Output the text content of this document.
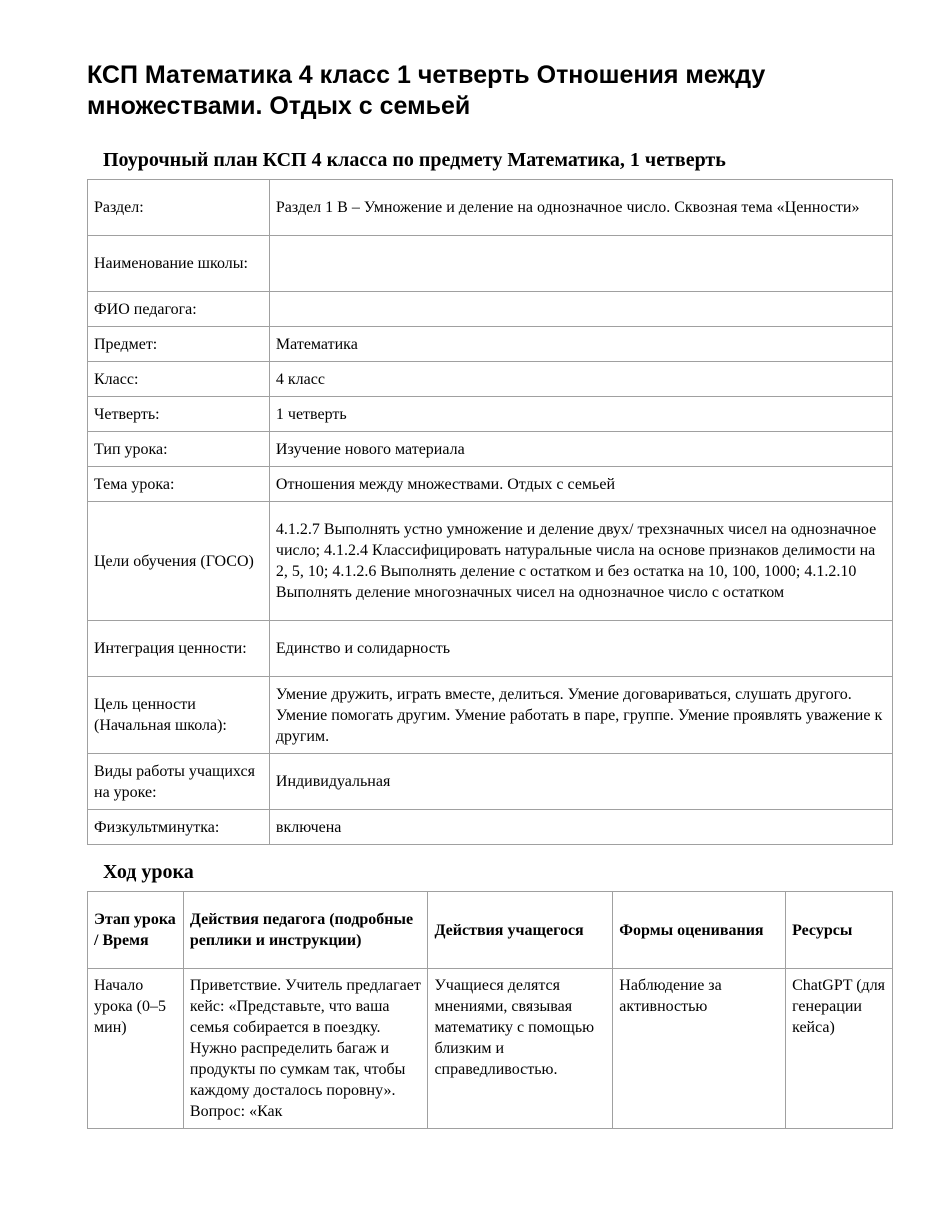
КСП Математика 4 класс 1 четверть Отношения между множествами. Отдых с семьей
Поурочный план КСП 4 класса по предмету Математика, 1 четверть
Раздел:	Раздел 1 В – Умножение и деление на однозначное число. Сквозная тема «Ценности»
Наименование школы:	
ФИО педагога:	
Предмет:	Математика
Класс:	4 класс
Четверть:	1 четверть
Тип урока:	Изучение нового материала
Тема урока:	Отношения между множествами. Отдых с семьей
Цели обучения (ГОСО)	4.1.2.7 Выполнять устно умножение и деление двух/ трехзначных чисел на однозначное число; 4.1.2.4 Классифицировать натуральные числа на основе признаков делимости на 2, 5, 10; 4.1.2.6 Выполнять деление с остатком и без остатка на 10, 100, 1000; 4.1.2.10 Выполнять деление многозначных чисел на однозначное число с остатком
Интеграция ценности:	Единство и солидарность
Цель ценности (Начальная школа):	Умение дружить, играть вместе, делиться. Умение договариваться, слушать другого. Умение помогать другим. Умение работать в паре, группе. Умение проявлять уважение к другим.
Виды работы учащихся на уроке:	Индивидуальная
Физкультминутка:	включена
Ход урока
Этап урока / Время	Действия педагога (подробные реплики и инструкции)	Действия учащегося	Формы оценивания	Ресурсы

Начало урока (0–5 мин)	Приветствие. Учитель предлагает кейс: «Представьте, что ваша семья собирается в поездку. Нужно распределить багаж и продукты по сумкам так, чтобы каждому досталось поровну». Вопрос: «Как	Учащиеся делятся мнениями, связывая математику с помощью близким и справедливостью.	Наблюдение за активностью	ChatGPT (для генерации кейса)
